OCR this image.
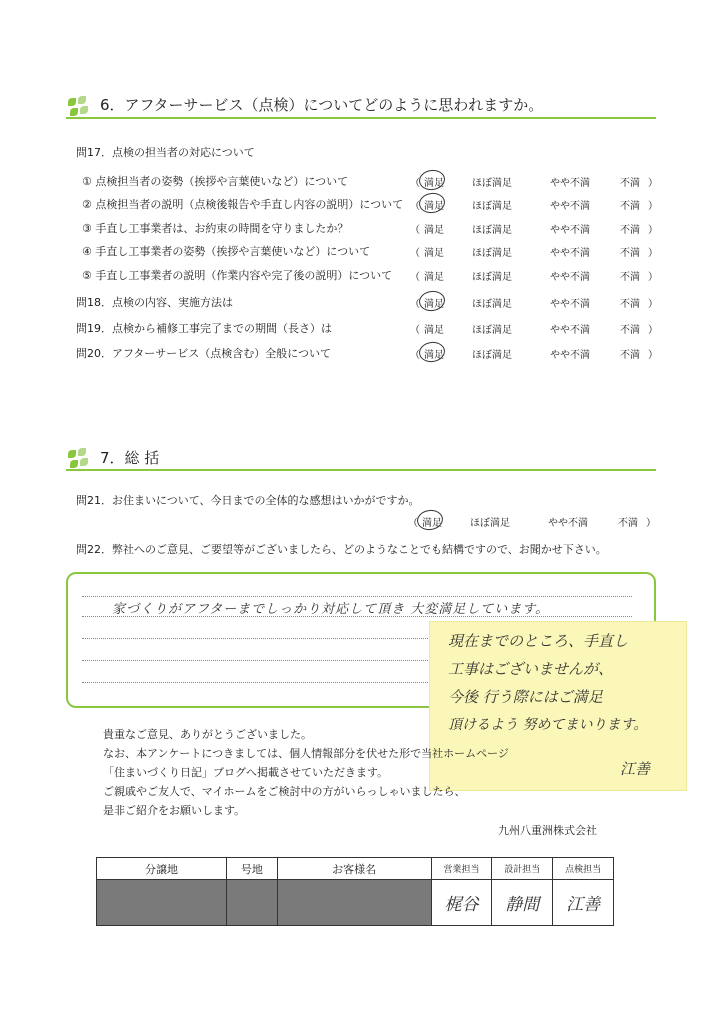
6．アフターサービス（点検）についてどのように思われますか。
問17．点検の担当者の対応について
① 点検担当者の姿勢（挨拶や言葉使いなど）について	（ 満足	ほぼ満足	やや不満	不満 ）
② 点検担当者の説明（点検後報告や手直し内容の説明）について （ 満足	ほぼ満足	やや不満	不満 ）
③ 手直し工事業者は、お約束の時間を守りましたか？	（ 満足	ほぼ満足	やや不満	不満 ）
④ 手直し工事業者の姿勢（挨拶や言葉使いなど）について	（ 満足	ほぼ満足	やや不満	不満 ）
⑤ 手直し工事業者の説明（作業内容や完了後の説明）について （ 満足	ほぼ満足	やや不満	不満 ）
問18．点検の内容、実施方法は	（ 満足	ほぼ満足	やや不満	不満 ）
問19．点検から補修工事完了までの期間（長さ）は	（ 満足	ほぼ満足	やや不満	不満 ）
問20．アフターサービス（点検含む）全般について	（ 満足	ほぼ満足	やや不満	不満 ）
7．総 括
問21．お住まいについて、今日までの全体的な感想はいかがですか。
（ 満足	ほぼ満足	やや不満	不満 ）
問22．弊社へのご意見、ご要望等がございましたら、どのようなことでも結構ですので、お聞かせ下さい。
家づくりがアフターまでしっかり対応して頂き 大変満足しています。
現在までのところ、手直し
工事はございませんが、
今後 行う際にはご満足
頂けるよう 努めてまいります。
江善
貴重なご意見、ありがとうございました。
なお、本アンケートにつきましては、個人情報部分を伏せた形で当社ホームページ
「住まいづくり日記」ブログへ掲載させていただきます。
ご親戚やご友人で、マイホームをご検討中の方がいらっしゃいましたら、
是非ご紹介をお願いします。
九州八重洲株式会社
分譲地	号地	お客様名	営業担当	設計担当	点検担当
			梶谷	静間	江善
